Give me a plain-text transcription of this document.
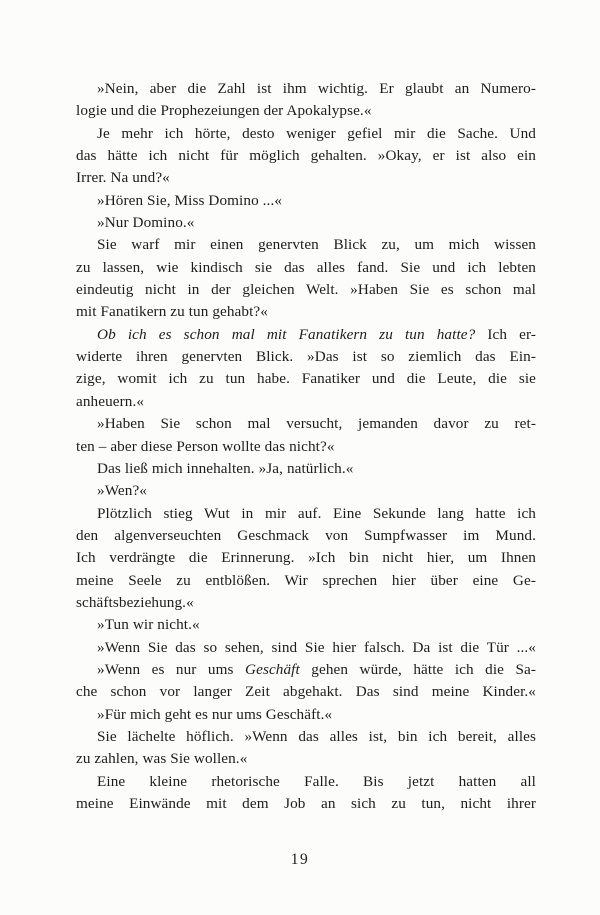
»Nein, aber die Zahl ist ihm wichtig. Er glaubt an Numero-
logie und die Prophezeiungen der Apokalypse.«
Je mehr ich hörte, desto weniger gefiel mir die Sache. Und
das hätte ich nicht für möglich gehalten. »Okay, er ist also ein
Irrer. Na und?«
»Hören Sie, Miss Domino ...«
»Nur Domino.«
Sie warf mir einen genervten Blick zu, um mich wissen
zu lassen, wie kindisch sie das alles fand. Sie und ich lebten
eindeutig nicht in der gleichen Welt. »Haben Sie es schon mal
mit Fanatikern zu tun gehabt?«
Ob ich es schon mal mit Fanatikern zu tun hatte? Ich er-
widerte ihren genervten Blick. »Das ist so ziemlich das Ein-
zige, womit ich zu tun habe. Fanatiker und die Leute, die sie
anheuern.«
»Haben Sie schon mal versucht, jemanden davor zu ret-
ten – aber diese Person wollte das nicht?«
Das ließ mich innehalten. »Ja, natürlich.«
»Wen?«
Plötzlich stieg Wut in mir auf. Eine Sekunde lang hatte ich
den algenverseuchten Geschmack von Sumpfwasser im Mund.
Ich verdrängte die Erinnerung. »Ich bin nicht hier, um Ihnen
meine Seele zu entblößen. Wir sprechen hier über eine Ge-
schäftsbeziehung.«
»Tun wir nicht.«
»Wenn Sie das so sehen, sind Sie hier falsch. Da ist die Tür ...«
»Wenn es nur ums Geschäft gehen würde, hätte ich die Sa-
che schon vor langer Zeit abgehakt. Das sind meine Kinder.«
»Für mich geht es nur ums Geschäft.«
Sie lächelte höflich. »Wenn das alles ist, bin ich bereit, alles
zu zahlen, was Sie wollen.«
Eine kleine rhetorische Falle. Bis jetzt hatten all
meine Einwände mit dem Job an sich zu tun, nicht ihrer
19
